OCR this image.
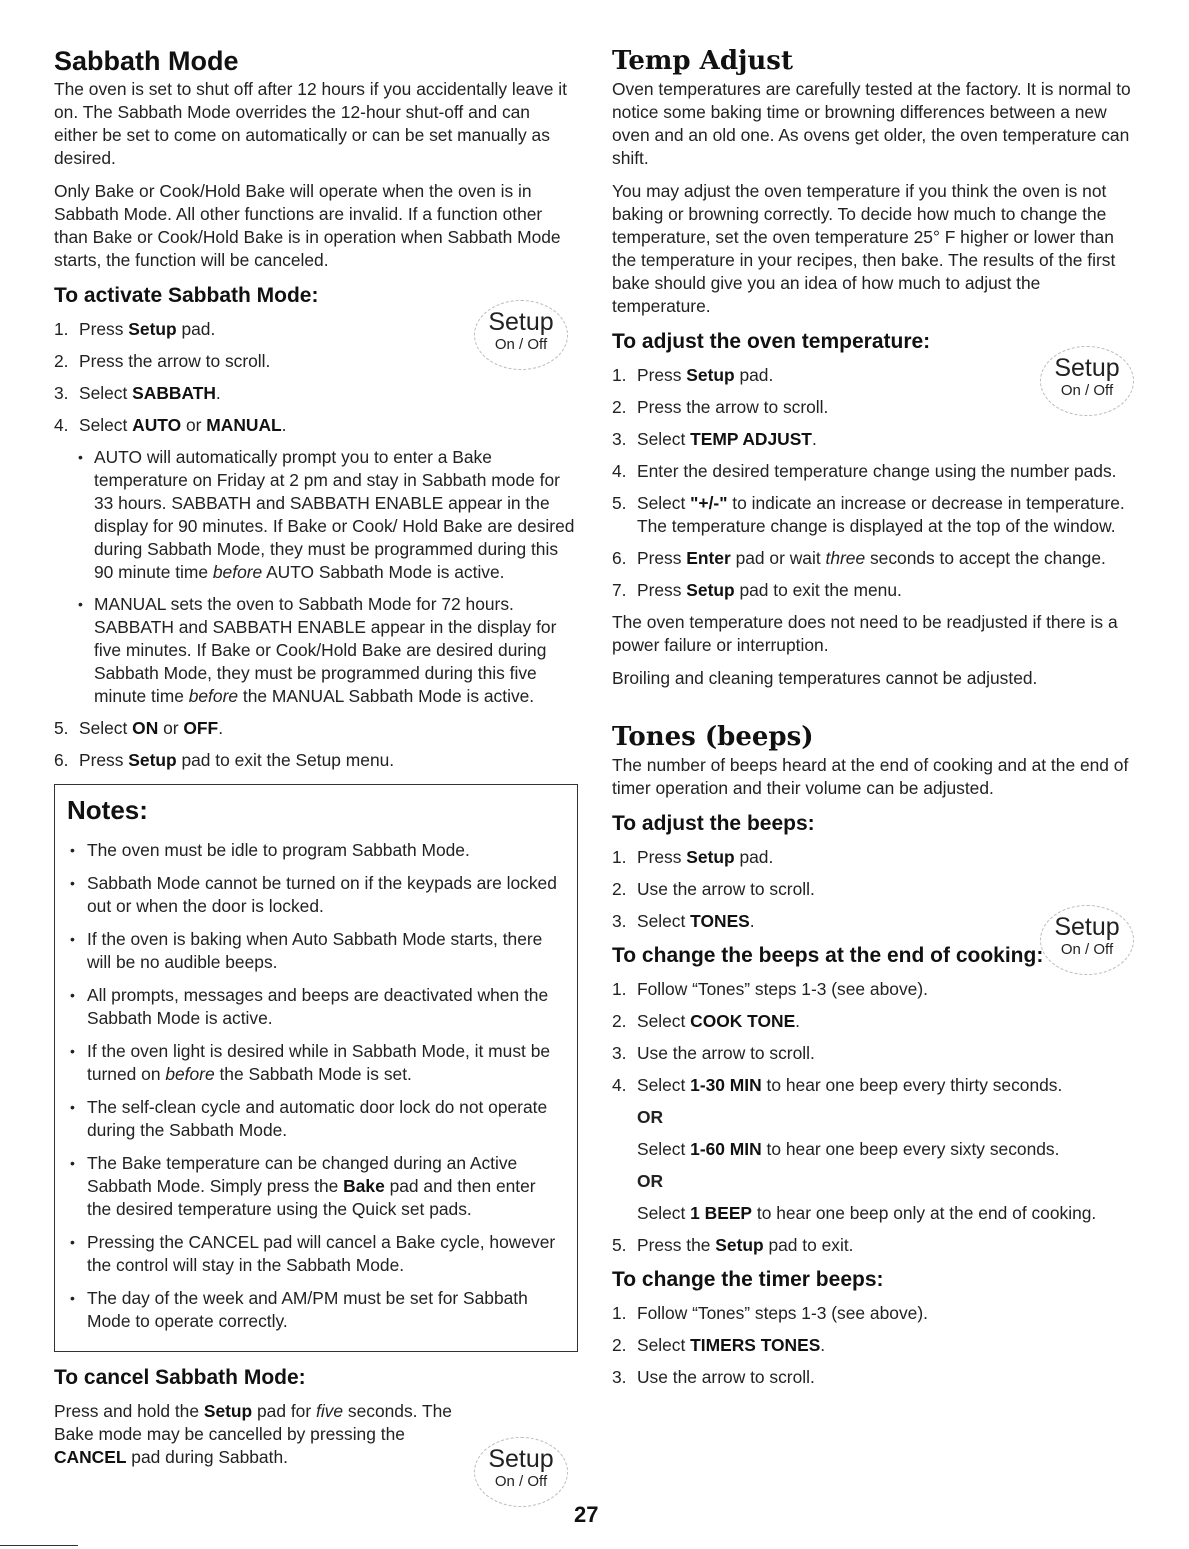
Sabbath Mode

The oven is set to shut off after 12 hours if you accidentally leave it on. The Sabbath Mode overrides the 12-hour shut-off and can either be set to come on automatically or can be set manually as desired.

Only Bake or Cook/Hold Bake will operate when the oven is in Sabbath Mode. All other functions are invalid. If a function other than Bake or Cook/Hold Bake is in operation when Sabbath Mode starts, the function will be canceled.

To activate Sabbath Mode:
1. Press Setup pad.
2. Press the arrow to scroll.
3. Select SABBATH.
4. Select AUTO or MANUAL.
• AUTO will automatically prompt you to enter a Bake temperature on Friday at 2 pm and stay in Sabbath mode for 33 hours. SABBATH and SABBATH ENABLE appear in the display for 90 minutes. If Bake or Cook/ Hold Bake are desired during Sabbath Mode, they must be programmed during this 90 minute time before AUTO Sabbath Mode is active.
• MANUAL sets the oven to Sabbath Mode for 72 hours. SABBATH and SABBATH ENABLE appear in the display for five minutes. If Bake or Cook/Hold Bake are desired during Sabbath Mode, they must be programmed during this five minute time before the MANUAL Sabbath Mode is active.
5. Select ON or OFF.
6. Press Setup pad to exit the Setup menu.
Notes:
• The oven must be idle to program Sabbath Mode.
• Sabbath Mode cannot be turned on if the keypads are locked out or when the door is locked.
• If the oven is baking when Auto Sabbath Mode starts, there will be no audible beeps.
• All prompts, messages and beeps are deactivated when the Sabbath Mode is active.
• If the oven light is desired while in Sabbath Mode, it must be turned on before the Sabbath Mode is set.
• The self-clean cycle and automatic door lock do not operate during the Sabbath Mode.
• The Bake temperature can be changed during an Active Sabbath Mode. Simply press the Bake pad and then enter the desired temperature using the Quick set pads.
• Pressing the CANCEL pad will cancel a Bake cycle, however the control will stay in the Sabbath Mode.
• The day of the week and AM/PM must be set for Sabbath Mode to operate correctly.
To cancel Sabbath Mode:

Press and hold the Setup pad for five seconds. The Bake mode may be cancelled by pressing the CANCEL pad during Sabbath.

Temp Adjust

Oven temperatures are carefully tested at the factory. It is normal to notice some baking time or browning differences between a new oven and an old one. As ovens get older, the oven temperature can shift.

You may adjust the oven temperature if you think the oven is not baking or browning correctly. To decide how much to change the temperature, set the oven temperature 25° F higher or lower than the temperature in your recipes, then bake. The results of the first bake should give you an idea of how much to adjust the temperature.

To adjust the oven temperature:
1. Press Setup pad.
2. Press the arrow to scroll.
3. Select TEMP ADJUST.
4. Enter the desired temperature change using the number pads.
5. Select "+/-" to indicate an increase or decrease in temperature. The temperature change is displayed at the top of the window.
6. Press Enter pad or wait three seconds to accept the change.
7. Press Setup pad to exit the menu.

The oven temperature does not need to be readjusted if there is a power failure or interruption.

Broiling and cleaning temperatures cannot be adjusted.

Tones (beeps)

The number of beeps heard at the end of cooking and at the end of timer operation and their volume can be adjusted.

To adjust the beeps:
1. Press Setup pad.
2. Use the arrow to scroll.
3. Select TONES.
To change the beeps at the end of cooking:
1. Follow “Tones” steps 1-3 (see above).
2. Select COOK TONE.
3. Use the arrow to scroll.
4. Select 1-30 MIN to hear one beep every thirty seconds.
OR
Select 1-60 MIN to hear one beep every sixty seconds.
OR
Select 1 BEEP to hear one beep only at the end of cooking.
5. Press the Setup pad to exit.
To change the timer beeps:
1. Follow “Tones” steps 1-3 (see above).
2. Select TIMERS TONES.
3. Use the arrow to scroll.
Setup
On / Off
Setup
On / Off
Setup
On / Off
Setup
On / Off
27
